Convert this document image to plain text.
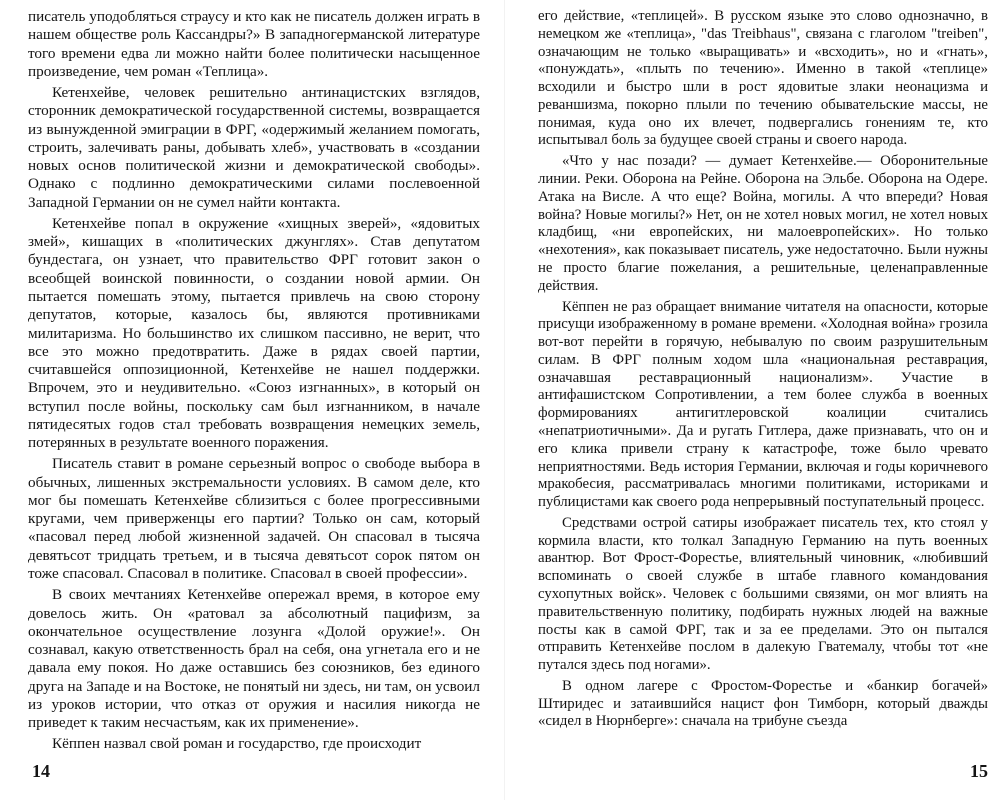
писатель уподобляться страусу и кто как не писатель должен играть в нашем обществе роль Кассандры?» В западногерманской литературе того времени едва ли можно найти более политически насыщенное произведение, чем роман «Теплица».

Кетенхейве, человек решительно антинацистских взглядов, сторонник демократической государственной системы, возвращается из вынужденной эмиграции в ФРГ, «одержимый желанием помогать, строить, залечивать раны, добывать хлеб», участвовать в «создании новых основ политической жизни и демократической свободы». Однако с подлинно демократическими силами послевоенной Западной Германии он не сумел найти контакта.

Кетенхейве попал в окружение «хищных зверей», «ядовитых змей», кишащих в «политических джунглях». Став депутатом бундестага, он узнает, что правительство ФРГ готовит закон о всеобщей воинской повинности, о создании новой армии. Он пытается помешать этому, пытается привлечь на свою сторону депутатов, которые, казалось бы, являются противниками милитаризма. Но большинство их слишком пассивно, не верит, что все это можно предотвратить. Даже в рядах своей партии, считавшейся оппозиционной, Кетенхейве не нашел поддержки. Впрочем, это и неудивительно. «Союз изгнанных», в который он вступил после войны, поскольку сам был изгнанником, в начале пятидесятых годов стал требовать возвращения немецких земель, потерянных в результате военного поражения.

Писатель ставит в романе серьезный вопрос о свободе выбора в обычных, лишенных экстремальности условиях. В самом деле, кто мог бы помешать Кетенхейве сблизиться с более прогрессивными кругами, чем приверженцы его партии? Только он сам, который «пасовал перед любой жизненной задачей. Он спасовал в тысяча девятьсот тридцать третьем, и в тысяча девятьсот сорок пятом он тоже спасовал. Спасовал в политике. Спасовал в своей профессии».

В своих мечтаниях Кетенхейве опережал время, в которое ему довелось жить. Он «ратовал за абсолютный пацифизм, за окончательное осуществление лозунга «Долой оружие!». Он сознавал, какую ответственность брал на себя, она угнетала его и не давала ему покоя. Но даже оставшись без союзников, без единого друга на Западе и на Востоке, не понятый ни здесь, ни там, он усвоил из уроков истории, что отказ от оружия и насилия никогда не приведет к таким несчастьям, как их применение».

Кёппен назвал свой роман и государство, где происходит

14

его действие, «теплицей». В русском языке это слово однозначно, в немецком же «теплица», "das Treibhaus", связана с глаголом "treiben", означающим не только «выращивать» и «всходить», но и «гнать», «понуждать», «плыть по течению». Именно в такой «теплице» всходили и быстро шли в рост ядовитые злаки неонацизма и реваншизма, покорно плыли по течению обывательские массы, не понимая, куда оно их влечет, подвергались гонениям те, кто испытывал боль за будущее своей страны и своего народа.

«Что у нас позади? — думает Кетенхейве.— Оборонительные линии. Реки. Оборона на Рейне. Оборона на Эльбе. Оборона на Одере. Атака на Висле. А что еще? Война, могилы. А что впереди? Новая война? Новые могилы?» Нет, он не хотел новых могил, не хотел новых кладбищ, «ни европейских, ни малоевропейских». Но только «нехотения», как показывает писатель, уже недостаточно. Были нужны не просто благие пожелания, а решительные, целенаправленные действия.

Кёппен не раз обращает внимание читателя на опасности, которые присущи изображенному в романе времени. «Холодная война» грозила вот-вот перейти в горячую, небывалую по своим разрушительным силам. В ФРГ полным ходом шла «национальная реставрация, означавшая реставрационный национализм». Участие в антифашистском Сопротивлении, а тем более служба в военных формированиях антигитлеровской коалиции считались «непатриотичными». Да и ругать Гитлера, даже признавать, что он и его клика привели страну к катастрофе, тоже было чревато неприятностями. Ведь история Германии, включая и годы коричневого мракобесия, рассматривалась многими политиками, историками и публицистами как своего рода непрерывный поступательный процесс.

Средствами острой сатиры изображает писатель тех, кто стоял у кормила власти, кто толкал Западную Германию на путь военных авантюр. Вот Фрост-Форестье, влиятельный чиновник, «любивший вспоминать о своей службе в штабе главного командования сухопутных войск». Человек с большими связями, он мог влиять на правительственную политику, подбирать нужных людей на важные посты как в самой ФРГ, так и за ее пределами. Это он пытался отправить Кетенхейве послом в далекую Гватемалу, чтобы тот «не путался здесь под ногами».

В одном лагере с Фростом-Форестье и «банкир богачей» Штиридес и затаившийся нацист фон Тимборн, который дважды «сидел в Нюрнберге»: сначала на трибуне съезда

15
